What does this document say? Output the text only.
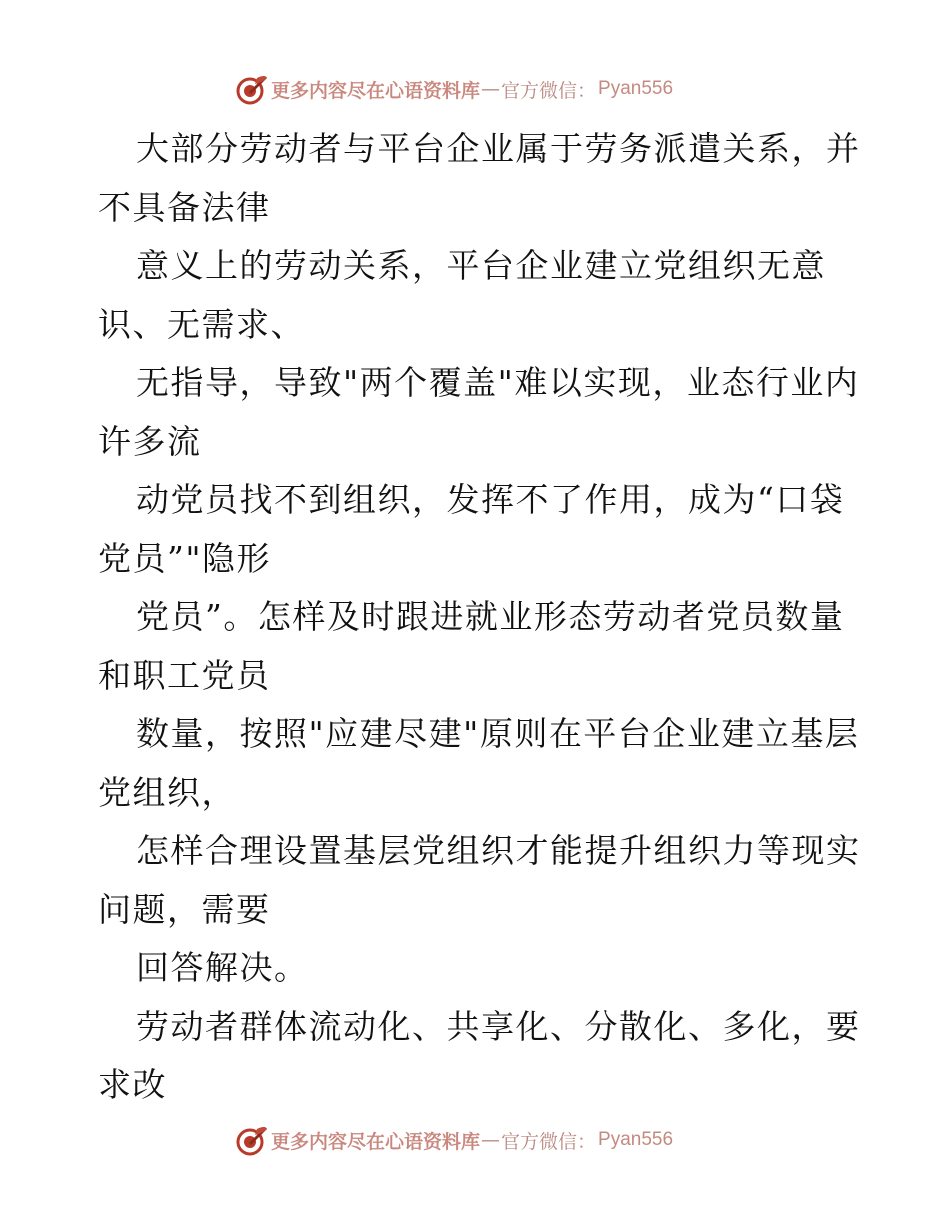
更多内容尽在心语资料库 — 官方微信： Pyan556
大部分劳动者与平台企业属于劳务派遣关系，并
不具备法律
意义上的劳动关系，平台企业建立党组织无意
识、无需求、
无指导，导致"两个覆盖"难以实现，业态行业内
许多流
动党员找不到组织，发挥不了作用，成为“口袋
党员”"隐形
党员”。怎样及时跟进就业形态劳动者党员数量
和职工党员
数量，按照"应建尽建"原则在平台企业建立基层
党组织，
怎样合理设置基层党组织才能提升组织力等现实
问题，需要
回答解决。
劳动者群体流动化、共享化、分散化、多化，要
求改
更多内容尽在心语资料库 — 官方微信： Pyan556
